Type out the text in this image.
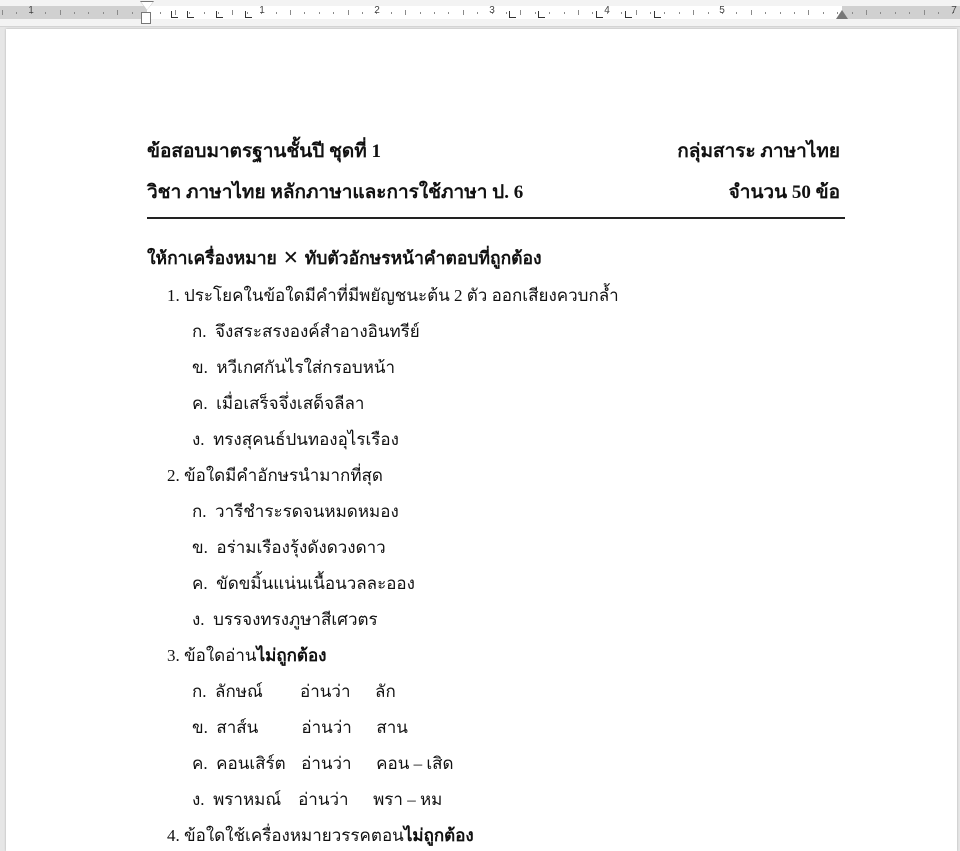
1	1	2	3	4	5	7
ข้อสอบมาตรฐานชั้นปี ชุดที่ 1	กลุ่มสาระ ภาษาไทย
วิชา ภาษาไทย หลักภาษาและการใช้ภาษา ป. 6	จำนวน 50 ข้อ
ให้กาเครื่องหมาย ✕ ทับตัวอักษรหน้าคำตอบที่ถูกต้อง
1. ประโยคในข้อใดมีคำที่มีพยัญชนะต้น 2 ตัว ออกเสียงควบกล้ำ
ก. จึงสระสรงองค์สำอางอินทรีย์
ข. หวีเกศกันไรใส่กรอบหน้า
ค. เมื่อเสร็จจึ่งเสด็จลีลา
ง. ทรงสุคนธ์ปนทองอุไรเรือง
2. ข้อใดมีคำอักษรนำมากที่สุด
ก. วารีชำระรดจนหมดหมอง
ข. อร่ามเรืองรุ้งดังดวงดาว
ค. ขัดขมิ้นแน่นเนื้อนวลละออง
ง. บรรจงทรงภูษาสีเศวตร
3. ข้อใดอ่านไม่ถูกต้อง
ก. ลักษณ์ อ่านว่า ลัก
ข. สาส์น	อ่านว่า สาน
ค. คอนเสิร์ต อ่านว่า คอน – เสิด
ง. พราหมณ์ อ่านว่า พรา – หม
4. ข้อใดใช้เครื่องหมายวรรคตอนไม่ถูกต้อง
